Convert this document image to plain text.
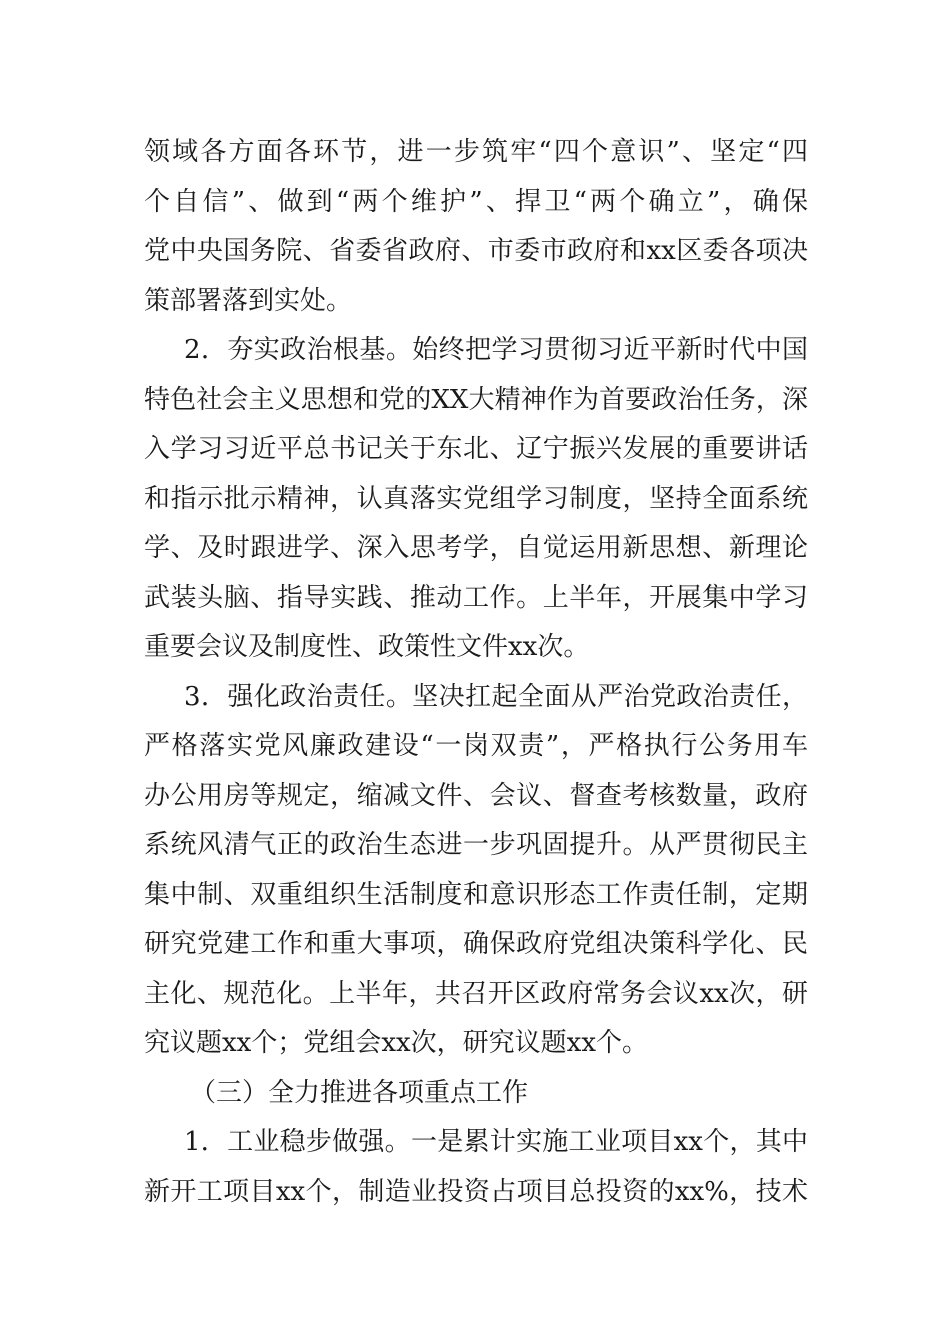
领域各方面各环节，进一步筑牢“四个意识”、坚定“四
个自信”、做到“两个维护”、捍卫“两个确立”，确保
党中央国务院、省委省政府、市委市政府和xx区委各项决
策部署落到实处。
2．夯实政治根基。始终把学习贯彻习近平新时代中国
特色社会主义思想和党的XX大精神作为首要政治任务，深
入学习习近平总书记关于东北、辽宁振兴发展的重要讲话
和指示批示精神，认真落实党组学习制度，坚持全面系统
学、及时跟进学、深入思考学，自觉运用新思想、新理论
武装头脑、指导实践、推动工作。上半年，开展集中学习
重要会议及制度性、政策性文件xx次。
3．强化政治责任。坚决扛起全面从严治党政治责任，
严格落实党风廉政建设“一岗双责”，严格执行公务用车
办公用房等规定，缩减文件、会议、督查考核数量，政府
系统风清气正的政治生态进一步巩固提升。从严贯彻民主
集中制、双重组织生活制度和意识形态工作责任制，定期
研究党建工作和重大事项，确保政府党组决策科学化、民
主化、规范化。上半年，共召开区政府常务会议xx次，研
究议题xx个；党组会xx次，研究议题xx个。
（三）全力推进各项重点工作
1．工业稳步做强。一是累计实施工业项目xx个，其中
新开工项目xx个，制造业投资占项目总投资的xx%，技术
